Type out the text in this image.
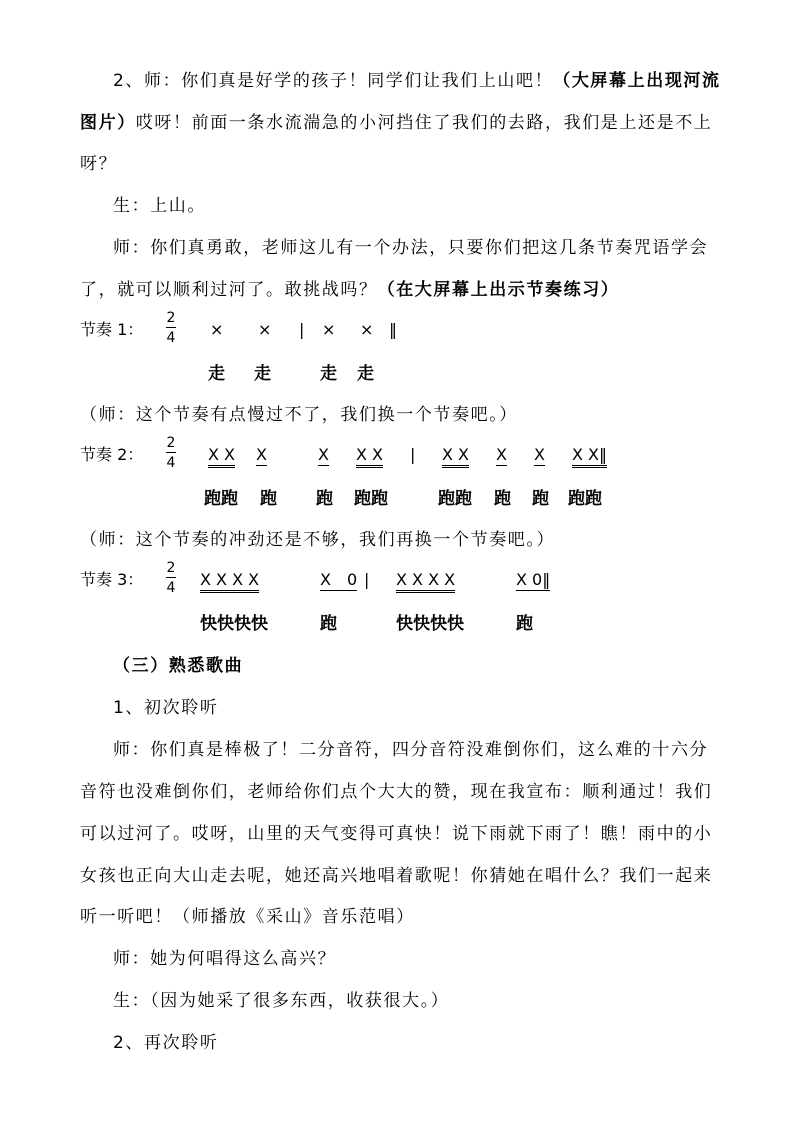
2、师：你们真是好学的孩子！同学们让我们上山吧！（大屏幕上出现河流
图片）哎呀！前面一条水流湍急的小河挡住了我们的去路，我们是上还是不上
呀？
生：上山。
师：你们真勇敢，老师这儿有一个办法，只要你们把这几条节奏咒语学会
了，就可以顺利过河了。敢挑战吗？（在大屏幕上出示节奏练习）
节奏 1：
2
4 × × | × × ‖
走 走	走 走
（师：这个节奏有点慢过不了，我们换一个节奏吧。）
节奏 2：
2
4 X X X	X X X | X X X X X X‖
跑跑 跑 跑 跑跑	跑跑 跑 跑 跑跑
（师：这个节奏的冲劲还是不够，我们再换一个节奏吧。）
节奏 3：
2
4 X X X X	X　0 | X X X X	X 0‖
快快快快	跑	快快快快	跑
（三）熟悉歌曲
1、初次聆听
师：你们真是棒极了！二分音符，四分音符没难倒你们，这么难的十六分
音符也没难倒你们，老师给你们点个大大的赞，现在我宣布：顺利通过！我们
可以过河了。哎呀，山里的天气变得可真快！说下雨就下雨了！瞧！雨中的小
女孩也正向大山走去呢，她还高兴地唱着歌呢！你猜她在唱什么？我们一起来
听一听吧！（师播放《采山》音乐范唱）
师：她为何唱得这么高兴？
生：（因为她采了很多东西，收获很大。）
2、再次聆听
